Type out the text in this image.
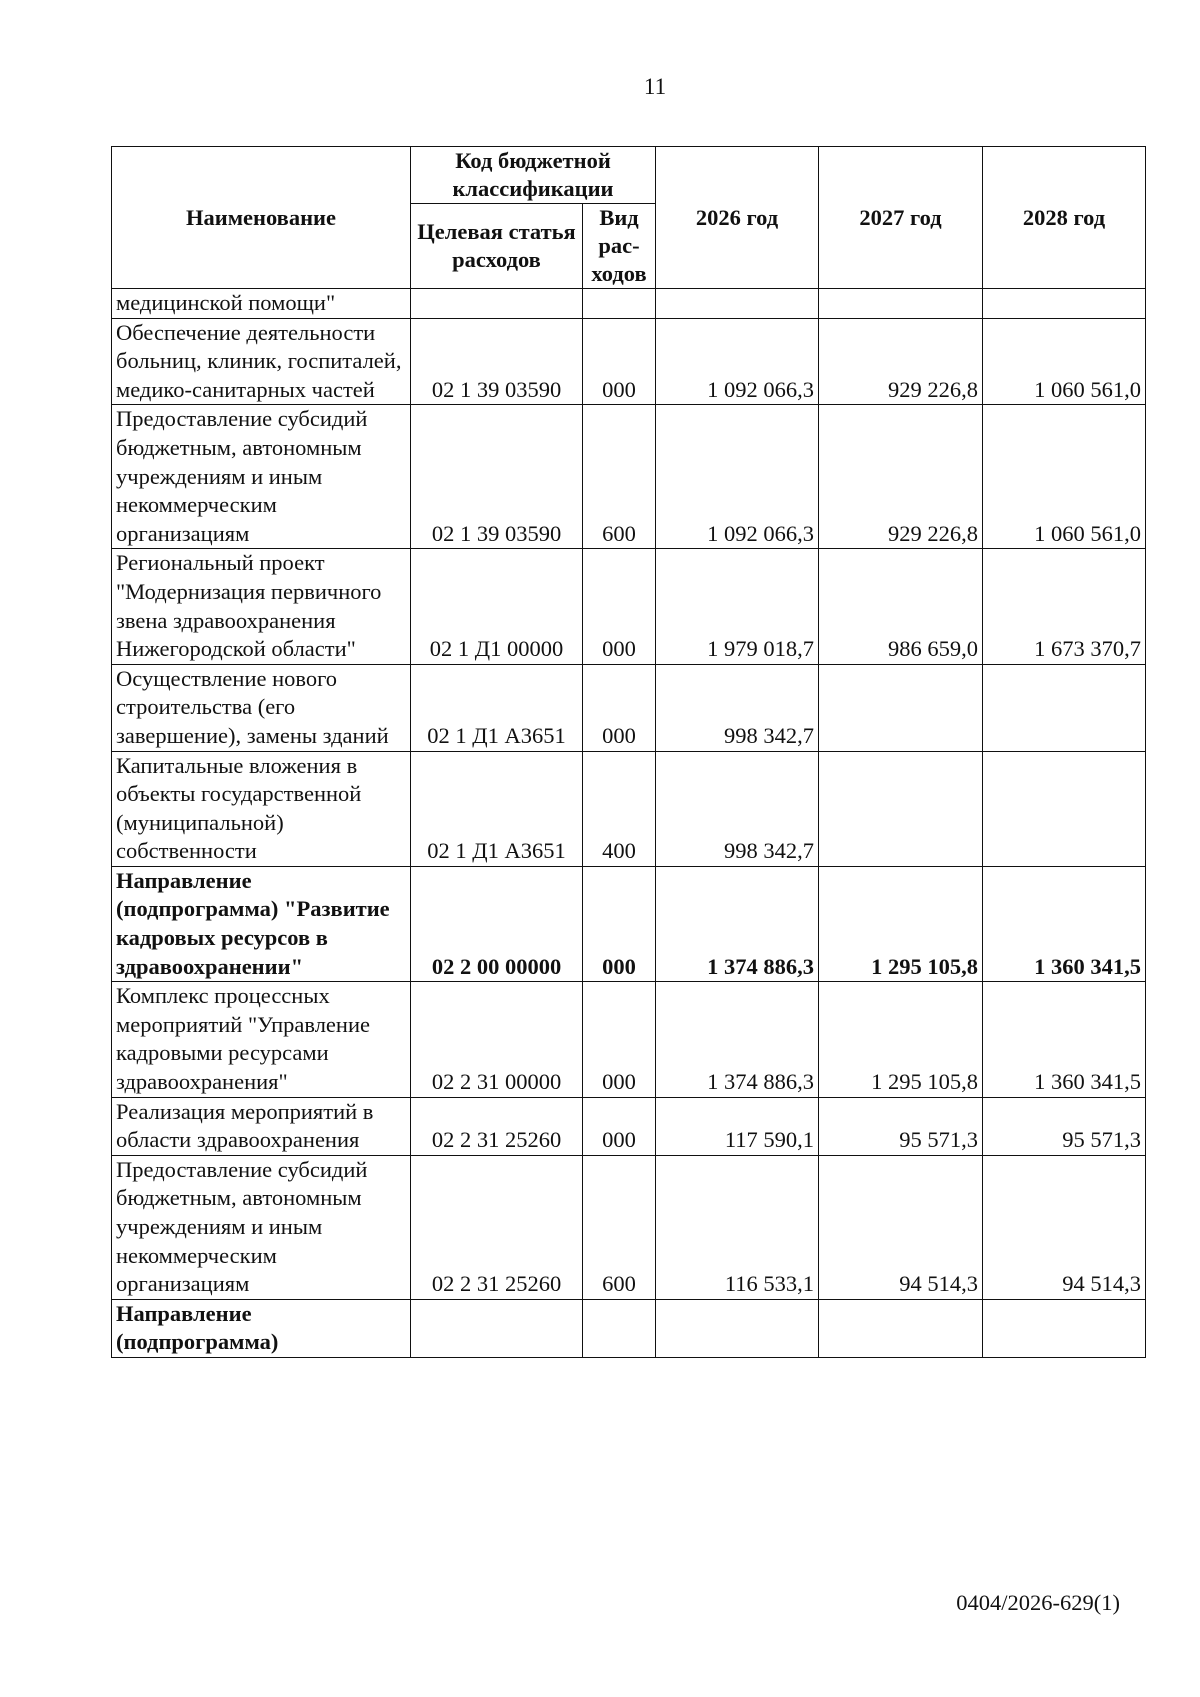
11
Наименование	Код бюджетной классификации		2026 год	2027 год	2028 год
	Целевая статья расходов	Вид рас-ходов			
медицинской помощи"					
Обеспечение деятельности больниц, клиник, госпиталей, медико-санитарных частей	02 1 39 03590	000	1 092 066,3	929 226,8	1 060 561,0
Предоставление субсидий бюджетным, автономным учреждениям и иным некоммерческим организациям	02 1 39 03590	600	1 092 066,3	929 226,8	1 060 561,0
Региональный проект "Модернизация первичного звена здравоохранения Нижегородской области"	02 1 Д1 00000	000	1 979 018,7	986 659,0	1 673 370,7
Осуществление нового строительства (его завершение), замены зданий	02 1 Д1 А3651	000	998 342,7		
Капитальные вложения в объекты государственной (муниципальной) собственности	02 1 Д1 А3651	400	998 342,7		
Направление (подпрограмма) "Развитие кадровых ресурсов в здравоохранении"	02 2 00 00000	000	1 374 886,3	1 295 105,8	1 360 341,5
Комплекс процессных мероприятий "Управление кадровыми ресурсами здравоохранения"	02 2 31 00000	000	1 374 886,3	1 295 105,8	1 360 341,5
Реализация мероприятий в области здравоохранения	02 2 31 25260	000	117 590,1	95 571,3	95 571,3
Предоставление субсидий бюджетным, автономным учреждениям и иным некоммерческим организациям	02 2 31 25260	600	116 533,1	94 514,3	94 514,3
Направление (подпрограмма)					
0404/2026-629(1)
